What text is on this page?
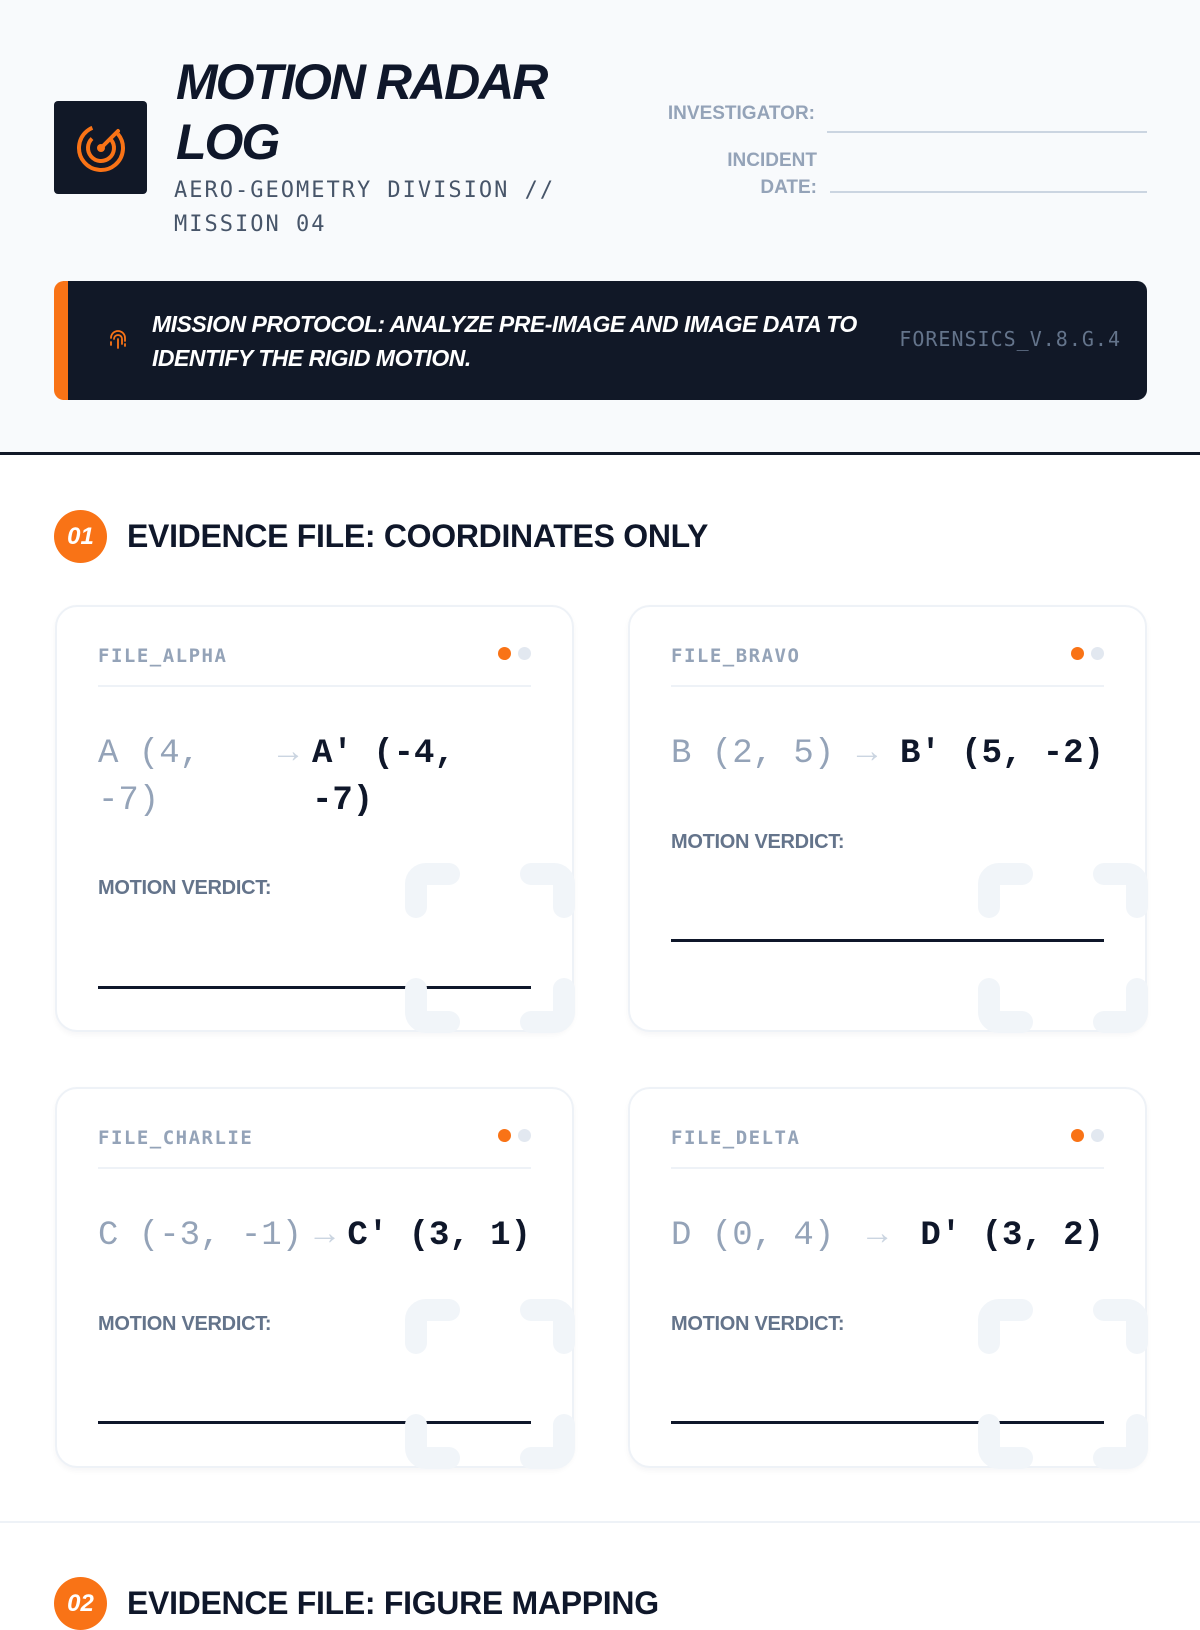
MOTION RADAR LOG
AERO-GEOMETRY DIVISION // MISSION 04
INVESTIGATOR:
INCIDENT
DATE:
MISSION PROTOCOL: ANALYZE PRE-IMAGE AND IMAGE DATA TO IDENTIFY THE RIGID MOTION.
FORENSICS_V.8.G.4
01	EVIDENCE FILE: COORDINATES ONLY
FILE_ALPHA
A (4, -7)
→ A' (-4, -7)
MOTION VERDICT:
FILE_BRAVO
B (2, 5) → B' (5, -2)
MOTION VERDICT:
FILE_CHARLIE
C (-3, -1) → C' (3, 1)
MOTION VERDICT:
FILE_DELTA
D (0, 4) → D' (3, 2)
MOTION VERDICT:
02	EVIDENCE FILE: FIGURE MAPPING
